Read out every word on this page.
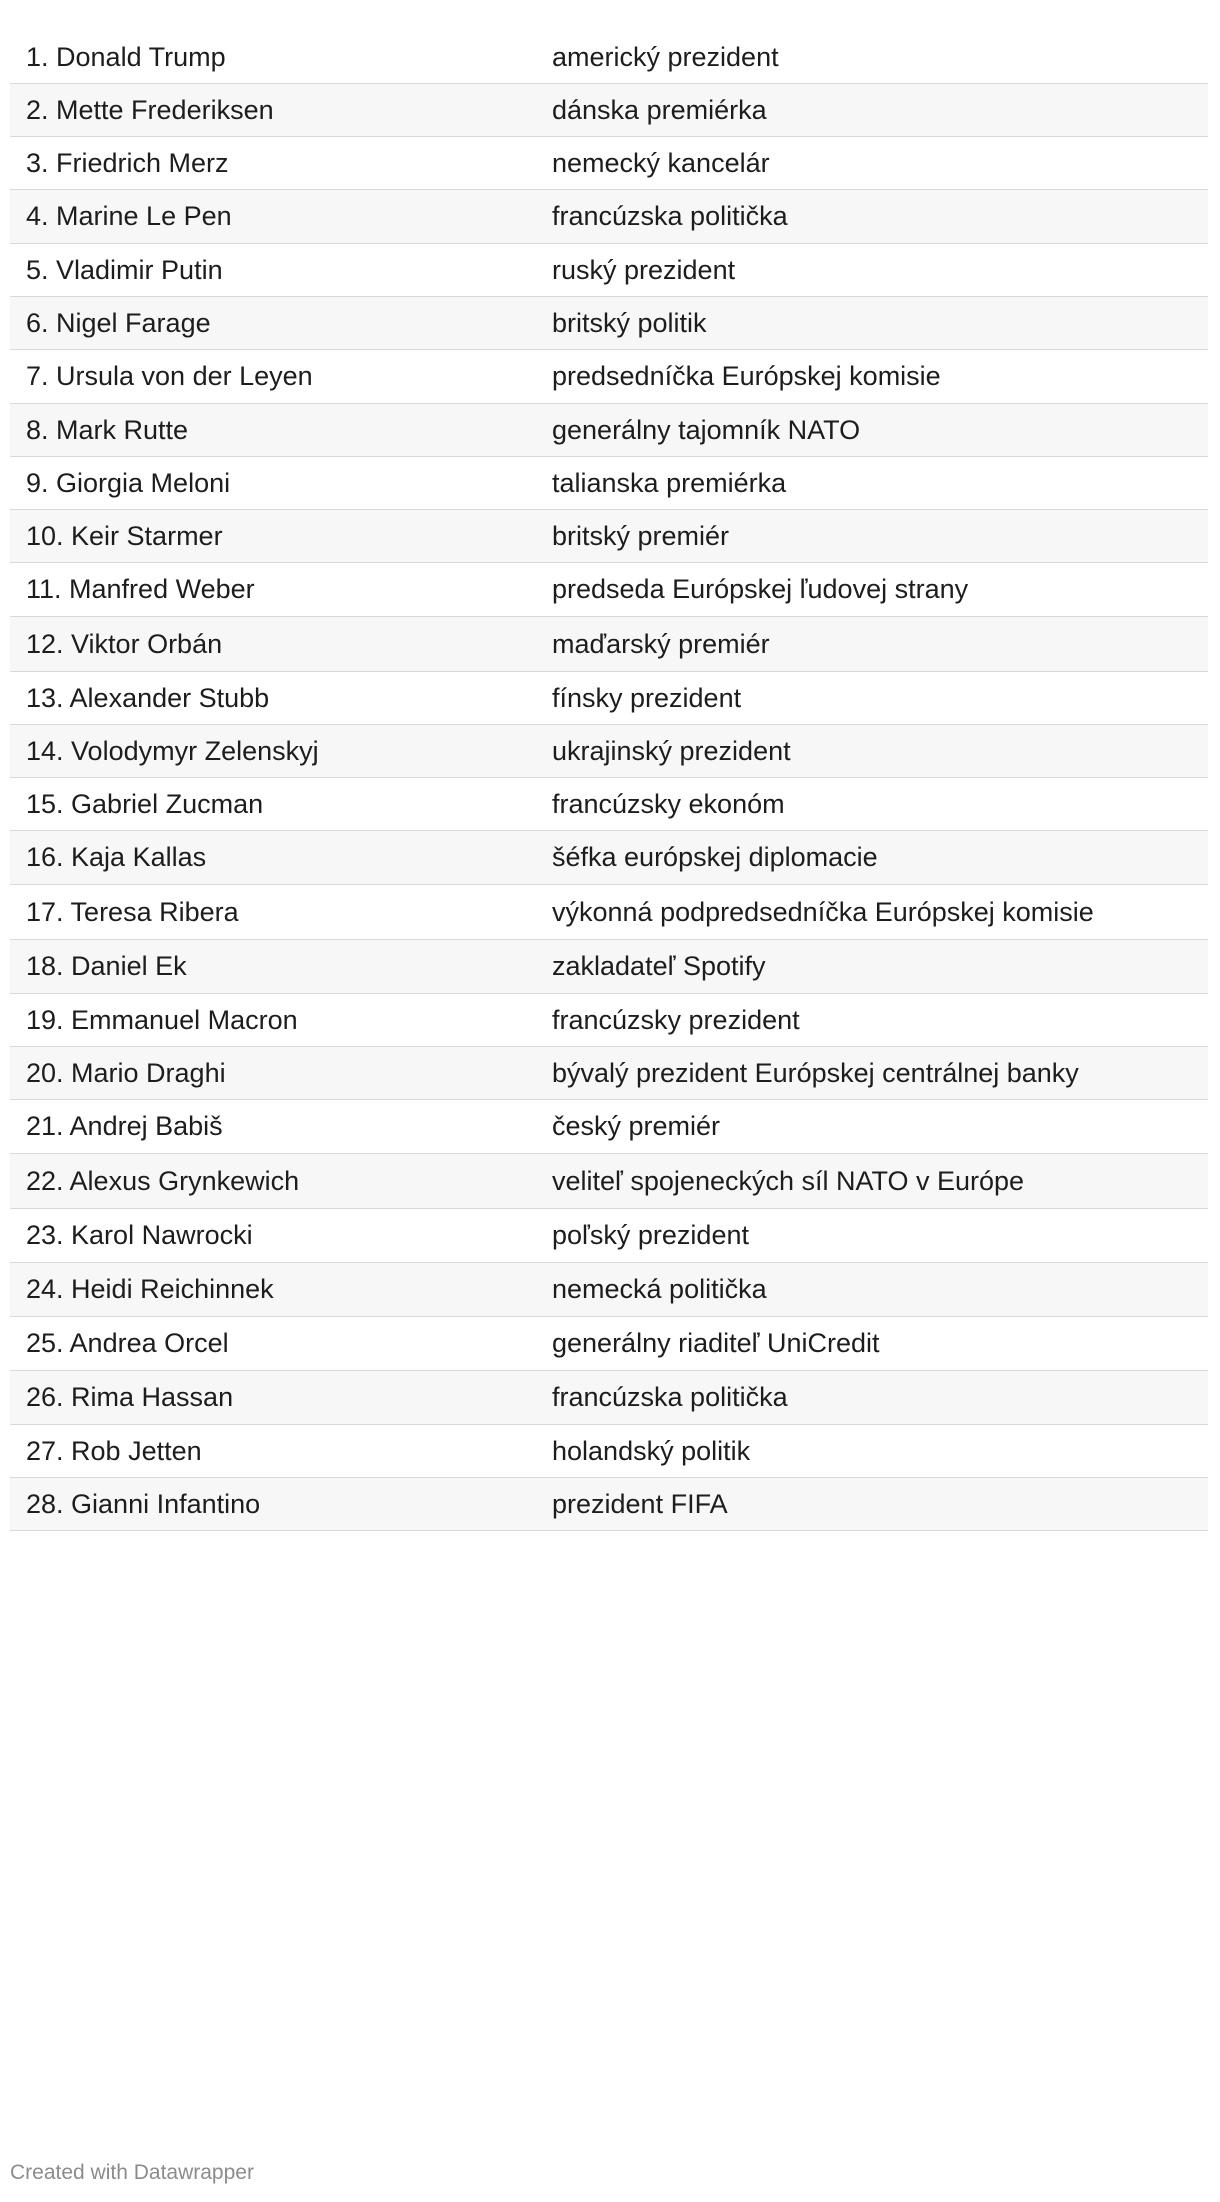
1. Donald Trump	americký prezident
2. Mette Frederiksen	dánska premiérka
3. Friedrich Merz	nemecký kancelár
4. Marine Le Pen	francúzska politička
5. Vladimir Putin	ruský prezident
6. Nigel Farage	britský politik
7. Ursula von der Leyen	predsedníčka Európskej komisie
8. Mark Rutte	generálny tajomník NATO
9. Giorgia Meloni	talianska premiérka
10. Keir Starmer	britský premiér
11. Manfred Weber	predseda Európskej ľudovej strany
12. Viktor Orbán	maďarský premiér
13. Alexander Stubb	fínsky prezident
14. Volodymyr Zelenskyj	ukrajinský prezident
15. Gabriel Zucman	francúzsky ekonóm
16. Kaja Kallas	šéfka európskej diplomacie
17. Teresa Ribera	výkonná podpredsedníčka Európskej komisie
18. Daniel Ek	zakladateľ Spotify
19. Emmanuel Macron	francúzsky prezident
20. Mario Draghi	bývalý prezident Európskej centrálnej banky
21. Andrej Babiš	český premiér
22. Alexus Grynkewich	veliteľ spojeneckých síl NATO v Európe
23. Karol Nawrocki	poľský prezident
24. Heidi Reichinnek	nemecká politička
25. Andrea Orcel	generálny riaditeľ UniCredit
26. Rima Hassan	francúzska politička
27. Rob Jetten	holandský politik
28. Gianni Infantino	prezident FIFA
Created with Datawrapper
